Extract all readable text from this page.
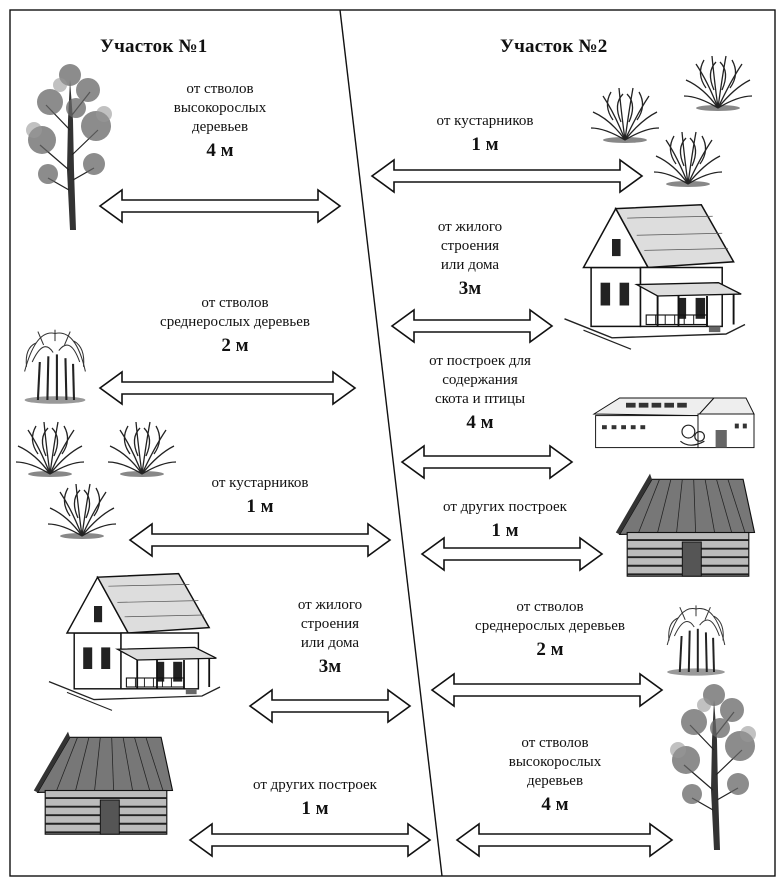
Участок №1	Участок №2
от стволов
высокорослых
деревьев
4 м
от стволов
среднерослых деревьев
2 м
от кустарников
1 м
от жилого
строения
или дома
3м
от других построек
1 м
от кустарников
1 м
от жилого
строения
или дома
3м
от построек для
содержания
скота и птицы
4 м
от других построек
1 м
от стволов
среднерослых деревьев
2 м
от стволов
высокорослых
деревьев
4 м
